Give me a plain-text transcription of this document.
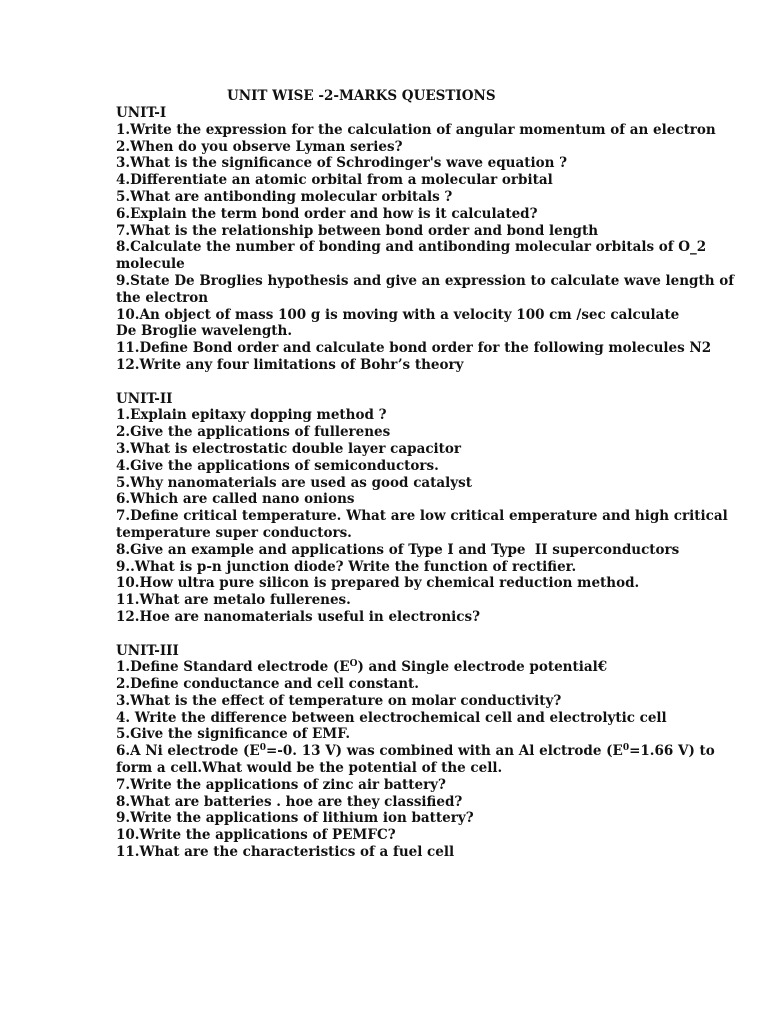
UNIT WISE -2-MARKS QUESTIONS
UNIT-I
1.Write the expression for the calculation of angular momentum of an electron
2.When do you observe Lyman series?
3.What is the significance of Schrodinger's wave equation ?
4.Differentiate an atomic orbital from a molecular orbital
5.What are antibonding molecular orbitals ?
6.Explain the term bond order and how is it calculated?
7.What is the relationship between bond order and bond length
8.Calculate the number of bonding and antibonding molecular orbitals of O_2
molecule
9.State De Broglies hypothesis and give an expression to calculate wave length of
the electron
10.An object of mass 100 g is moving with a velocity 100 cm /sec calculate
De Broglie wavelength.
11.Define Bond order and calculate bond order for the following molecules N2
12.Write any four limitations of Bohr’s theory
UNIT-II
1.Explain epitaxy dopping method ?
2.Give the applications of fullerenes
3.What is electrostatic double layer capacitor
4.Give the applications of semiconductors.
5.Why nanomaterials are used as good catalyst
6.Which are called nano onions
7.Define critical temperature. What are low critical emperature and high critical
temperature super conductors.
8.Give an example and applications of Type I and Type  II superconductors
9..What is p-n junction diode? Write the function of rectifier.
10.How ultra pure silicon is prepared by chemical reduction method.
11.What are metalo fullerenes.
12.Hoe are nanomaterials useful in electronics?
UNIT-III
1.Define Standard electrode $(E^O)$ and Single electrode potential€
2.Define conductance and cell constant.
3.What is the effect of temperature on molar conductivity?
4. Write the difference between electrochemical cell and electrolytic cell
5.Give the significance of EMF.
6.A Ni electrode ($E^0=-0$. 13 V) was combined with an Al elctrode ($E^0=1.66$ V) to
form a cell.What would be the potential of the cell.
7.Write the applications of zinc air battery?
8.What are batteries . hoe are they classified?
9.Write the applications of lithium ion battery?
10.Write the applications of PEMFC?
11.What are the characteristics of a fuel cell
